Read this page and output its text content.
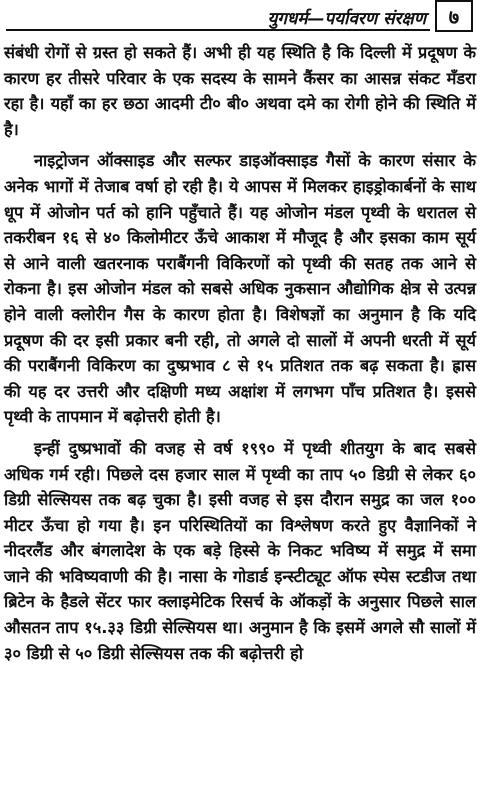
युगधर्म—पर्यावरण संरक्षण ७

संबंधी रोगों से ग्रस्त हो सकते हैं। अभी ही यह स्थिति है कि दिल्ली में प्रदूषण के कारण हर तीसरे परिवार के एक सदस्य के सामने कैंसर का आसन्न संकट मँडरा रहा है। यहाँ का हर छठा आदमी टी० बी० अथवा दमे का रोगी होने की स्थिति में है।

नाइट्रोजन ऑक्साइड और सल्फर डाइऑक्साइड गैसों के कारण संसार के अनेक भागों में तेजाब वर्षा हो रही है। ये आपस में मिलकर हाइड्रोकार्बनों के साथ धूप में ओजोन पर्त को हानि पहुँचाते हैं। यह ओजोन मंडल पृथ्वी के धरातल से तकरीबन १६ से ४० किलोमीटर ऊँचे आकाश में मौजूद है और इसका काम सूर्य से आने वाली खतरनाक पराबैंगनी विकिरणों को पृथ्वी की सतह तक आने से रोकना है। इस ओजोन मंडल को सबसे अधिक नुकसान औद्योगिक क्षेत्र से उत्पन्न होने वाली क्लोरीन गैस के कारण होता है। विशेषज्ञों का अनुमान है कि यदि प्रदूषण की दर इसी प्रकार बनी रही, तो अगले दो सालों में अपनी धरती में सूर्य की पराबैंगनी विकिरण का दुष्प्रभाव ८ से १५ प्रतिशत तक बढ़ सकता है। ह्रास की यह दर उत्तरी और दक्षिणी मध्य अक्षांश में लगभग पाँच प्रतिशत है। इससे पृथ्वी के तापमान में बढ़ोत्तरी होती है।

इन्हीं दुष्प्रभावों की वजह से वर्ष १९९० में पृथ्वी शीतयुग के बाद सबसे अधिक गर्म रही। पिछले दस हजार साल में पृथ्वी का ताप ५० डिग्री से लेकर ६० डिग्री सेल्सियस तक बढ़ चुका है। इसी वजह से इस दौरान समुद्र का जल १०० मीटर ऊँचा हो गया है। इन परिस्थितियों का विश्लेषण करते हुए वैज्ञानिकों ने नीदरलैंड और बंगलादेश के एक बड़े हिस्से के निकट भविष्य में समुद्र में समा जाने की भविष्यवाणी की है। नासा के गोडार्ड इन्स्टीट्यूट ऑफ स्पेस स्टडीज तथा ब्रिटेन के हैडले सेंटर फार क्लाइमेटिक रिसर्च के ऑकड़ों के अनुसार पिछले साल औसतन ताप १५.३३ डिग्री सेल्सियस था। अनुमान है कि इसमें अगले सौ सालों में ३० डिग्री से ५० डिग्री सेल्सियस तक की बढ़ोत्तरी हो
